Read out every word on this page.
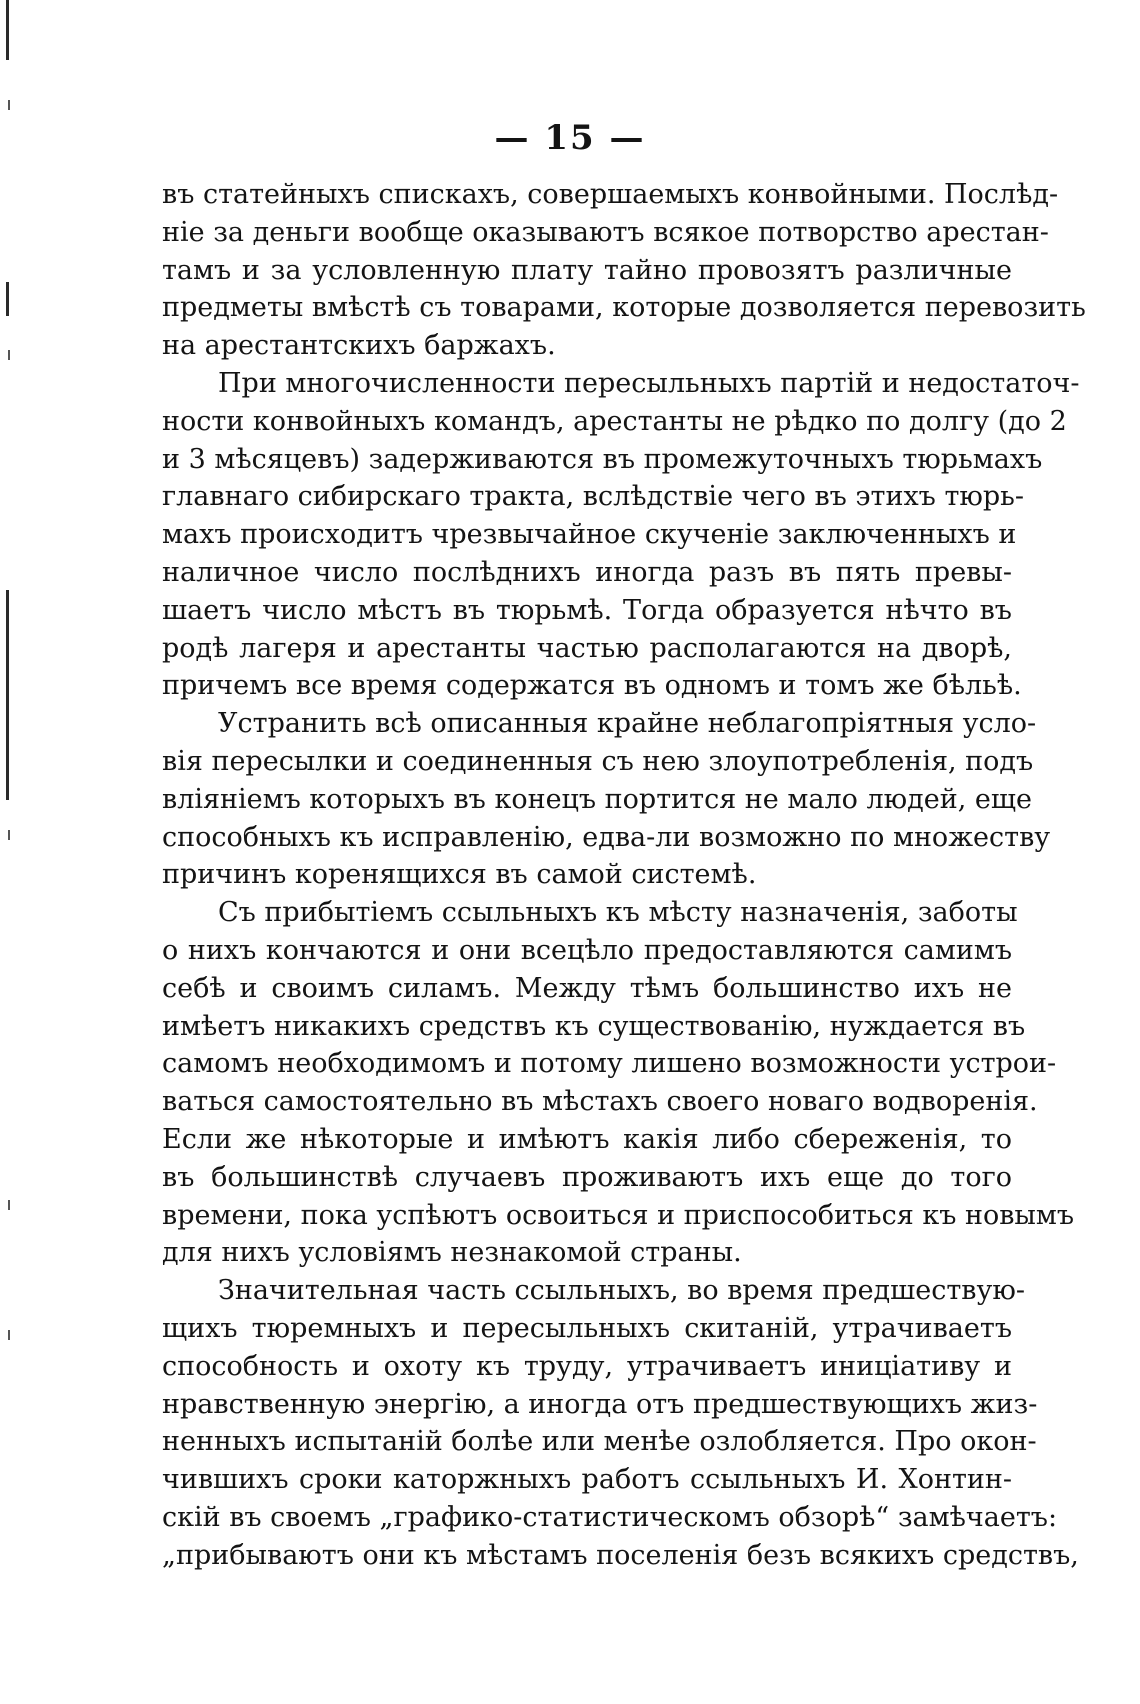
— 15 —
въ статейныхъ спискахъ, совершаемыхъ конвойными. Послѣд-
ніе за деньги вообще оказываютъ всякое потворство арестан-
тамъ и за условленную плату тайно провозятъ различные
предметы вмѣстѣ съ товарами, которые дозволяется перевозить
на арестантскихъ баржахъ.
При многочисленности пересыльныхъ партій и недостаточ-
ности конвойныхъ командъ, арестанты не рѣдко по долгу (до 2
и 3 мѣсяцевъ) задерживаются въ промежуточныхъ тюрьмахъ
главнаго сибирскаго тракта, вслѣдствіе чего въ этихъ тюрь-
махъ происходитъ чрезвычайное скученіе заключенныхъ и
наличное число послѣднихъ иногда разъ въ пять превы-
шаетъ число мѣстъ въ тюрьмѣ. Тогда образуется нѣчто въ
родѣ лагеря и арестанты частью располагаются на дворѣ,
причемъ все время содержатся въ одномъ и томъ же бѣльѣ.
Устранить всѣ описанныя крайне неблагопріятныя усло-
вія пересылки и соединенныя съ нею злоупотребленія, подъ
вліяніемъ которыхъ въ конецъ портится не мало людей, еще
способныхъ къ исправленію, едва-ли возможно по множеству
причинъ коренящихся въ самой системѣ.
Съ прибытіемъ ссыльныхъ къ мѣсту назначенія, заботы
о нихъ кончаются и они всецѣло предоставляются самимъ
себѣ и своимъ силамъ. Между тѣмъ большинство ихъ не
имѣетъ никакихъ средствъ къ существованію, нуждается въ
самомъ необходимомъ и потому лишено возможности устрои-
ваться самостоятельно въ мѣстахъ своего новаго водворенія.
Если же нѣкоторые и имѣютъ какія либо сбереженія, то
въ большинствѣ случаевъ проживаютъ ихъ еще до того
времени, пока успѣютъ освоиться и приспособиться къ новымъ
для нихъ условіямъ незнакомой страны.
Значительная часть ссыльныхъ, во время предшествую-
щихъ тюремныхъ и пересыльныхъ скитаній, утрачиваетъ
способность и охоту къ труду, утрачиваетъ иниціативу и
нравственную энергію, а иногда отъ предшествующихъ жиз-
ненныхъ испытаній болѣе или менѣе озлобляется. Про окон-
чившихъ сроки каторжныхъ работъ ссыльныхъ И. Хонтин-
скій въ своемъ „графико-статистическомъ обзорѣ“ замѣчаетъ:
„прибываютъ они къ мѣстамъ поселенія безъ всякихъ средствъ,
